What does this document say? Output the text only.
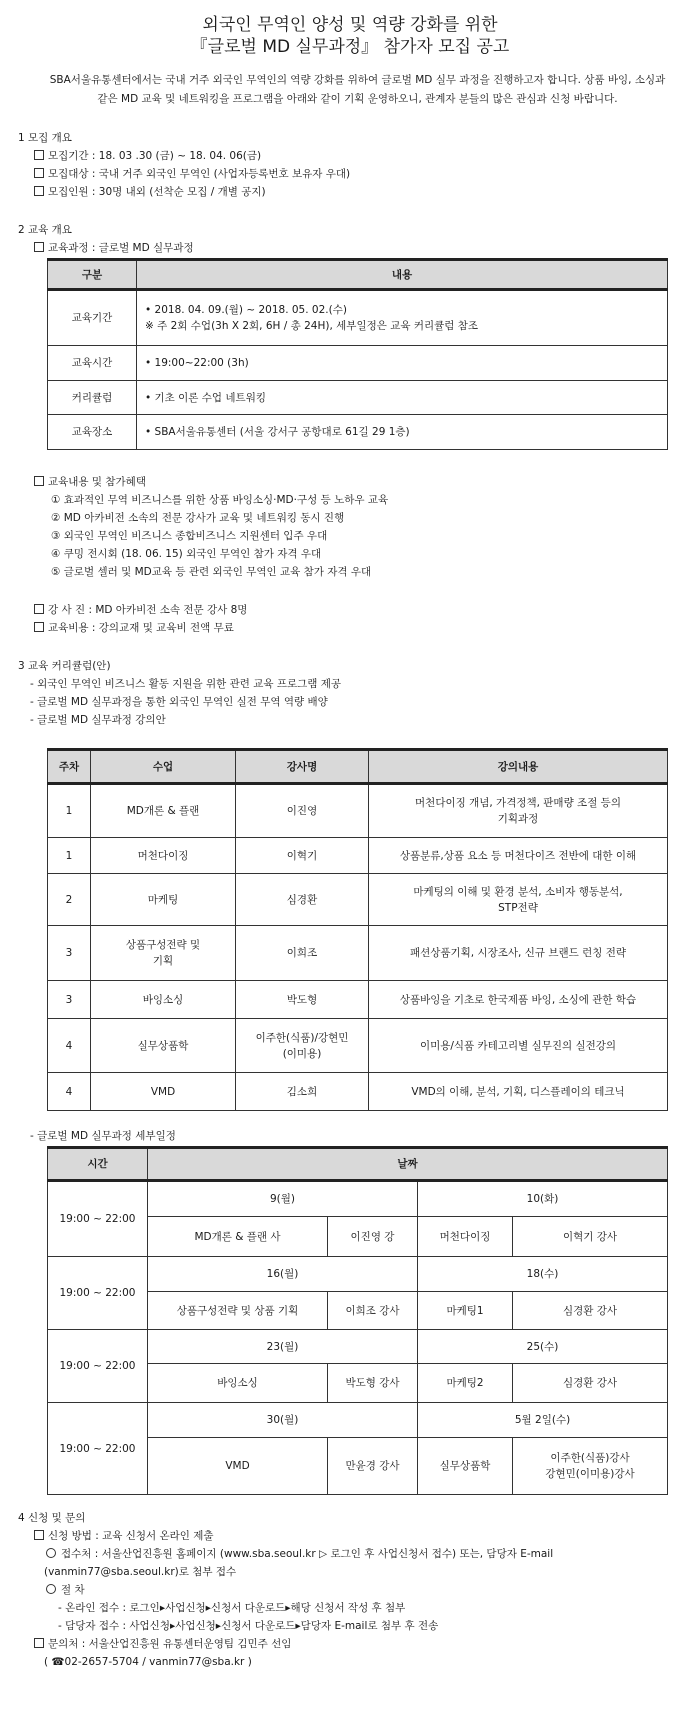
외국인 무역인 양성 및 역량 강화를 위한
『글로벌 MD 실무과정』 참가자 모집 공고
SBA서울유통센터에서는 국내 거주 외국인 무역인의 역량 강화를 위하여 글로벌 MD 실무 과정을 진행하고자 합니다. 상품 바잉, 소싱과
같은 MD 교육 및 네트워킹을 프로그램을 아래와 같이 기획 운영하오니, 관계자 분들의 많은 관심과 신청 바랍니다.
1 모집 개요
모집기간 : 18. 03 .30 (금) ~ 18. 04. 06(금)
모집대상 : 국내 거주 외국인 무역인 (사업자등록번호 보유자 우대)
모집인원 : 30명 내외 (선착순 모집 / 개별 공지)
2 교육 개요
교육과정 : 글로벌 MD 실무과정
구분	내용
교육기간	• 2018. 04. 09.(월) ~ 2018. 05. 02.(수)
※ 주 2회 수업(3h Ⅹ 2회, 6H / 총 24H), 세부일정은 교육 커리큘럼 참조

교육시간	• 19:00~22:00 (3h)
커리큘럼	• 기초 이론 수업 네트워킹
교육장소	• SBA서울유통센터 (서울 강서구 공항대로 61길 29 1층)
교육내용 및 참가혜택
① 효과적인 무역 비즈니스를 위한 상품 바잉소싱·MD·구성 등 노하우 교육
② MD 아카비전 소속의 전문 강사가 교육 및 네트워킹 동시 진행
③ 외국인 무역인 비즈니스 종합비즈니스 지원센터 입주 우대
④ 쿠밍 전시회 (18. 06. 15) 외국인 무역인 참가 자격 우대
⑤ 글로벌 셀러 및 MD교육 등 관련 외국인 무역인 교육 참가 자격 우대
강 사 진 : MD 아카비전 소속 전문 강사 8명
교육비용 : 강의교재 및 교육비 전액 무료
3 교육 커리큘럼(안)
- 외국인 무역인 비즈니스 활동 지원을 위한 관련 교육 프로그램 제공
- 글로벌 MD 실무과정을 통한 외국인 무역인 실전 무역 역량 배양
- 글로벌 MD 실무과정 강의안
주차	수업	강사명	강의내용
1	MD개론 & 플랜	이진영	머천다이징 개념, 가격정책, 판매량 조절 등의
기획과정

1	머천다이징	이혁기	상품분류,상품 요소 등 머천다이즈 전반에 대한 이해

2	마케팅	심경환	마케팅의 이해 및 환경 분석, 소비자 행동분석,
STP전략

3	상품구성전략 및
기획	이희조	패션상품기획, 시장조사, 신규 브랜드 런칭 전략

3	바잉소싱	박도형	상품바잉을 기초로 한국제품 바잉, 소싱에 관한 학습

4	실무상품학	이주한(식품)/강현민
(이미용)	이미용/식품 카테고리별 실무진의 실전강의

4	VMD	김소희	VMD의 이해, 분석, 기획, 디스플레이의 테크닉
- 글로벌 MD 실무과정 세부일정
시간	날짜			
19:00 ~ 22:00	9(월)		10(화)	
	MD개론 & 플랜 사	이진영 강	머천다이징	이혁기 강사

19:00 ~ 22:00	16(월)		18(수)	
	상품구성전략 및 상품 기획	이희조 강사	마케팅1	심경환 강사

19:00 ~ 22:00	23(월)		25(수)	
	바잉소싱	박도형 강사	마케팅2	심경환 강사

19:00 ~ 22:00	30(월)		5월 2일(수)	
	VMD	만윤경 강사	실무상품학	이주한(식품)강사
강현민(이미용)강사
4 신청 및 문의
신청 방법 : 교육 신청서 온라인 제출
접수처 : 서울산업진흥원 홈페이지 (www.sba.seoul.kr ▷ 로그인 후 사업신청서 접수) 또는, 담당자 E-mail
(vanmin77@sba.seoul.kr)로 첨부 접수
절 차
- 온라인 접수 : 로그인▸사업신청▸신청서 다운로드▸해당 신청서 작성 후 첨부
- 담당자 접수 : 사업신청▸사업신청▸신청서 다운로드▸담당자 E-mail로 첨부 후 전송
문의처 : 서울산업진흥원 유통센터운영팀 김민주 선임
( ☎02-2657-5704 / vanmin77@sba.kr )
